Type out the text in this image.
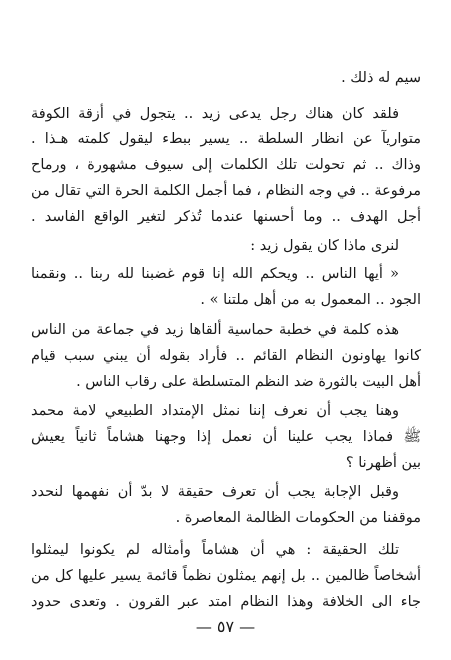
سيم له ذلك .
فلقد كان هناك رجل يدعى زيد .. يتجول في أزقة الكوفة
متواريآ عن انظار السلطة .. يسير ببطء ليقول كلمته هـذا .
وذاك .. ثم تحولت تلك الكلمات إلى سيوف مشهورة ، ورماح
مرفوعة .. في وجه النظام ، فما أجمل الكلمة الحرة التي تقال من
أجل الهدف .. وما أحسنها عندما تُذكر لتغير الواقع الفاسد .
لنرى ماذا كان يقول زيد :
« أيها الناس .. ويحكم الله إنا قوم غضبنا لله ربنا .. ونقمنا
الجود .. المعمول به من أهل ملتنا » .
هذه كلمة في خطبة حماسية ألقاها زيد في جماعة من الناس
كانوا يهاونون النظام القائم .. فأراد بقوله أن يبني سبب قيام
أهل البيت بالثورة ضد النظم المتسلطة على رقاب الناس .
وهنا يجب أن نعرف إننا نمثل الإمتداد الطبيعي لامة محمد
ﷺ فماذا يجب علينا أن نعمل إذا وجهنا هشاماً ثانياً يعيش
بين أظهرنا ؟
وقبل الإجابة يجب أن تعرف حقيقة لا بدّ أن نفهمها لنحدد
موقفنا من الحكومات الظالمة المعاصرة .
تلك الحقيقة : هي أن هشاماً وأمثاله لم يكونوا ليمثلوا
أشخاصاً ظالمين .. بل إنهم يمثلون نظماً قائمة يسير عليها كل من
جاء الى الخلافة وهذا النظام امتد عبر القرون . وتعدى حدود
— ٥٧ —
